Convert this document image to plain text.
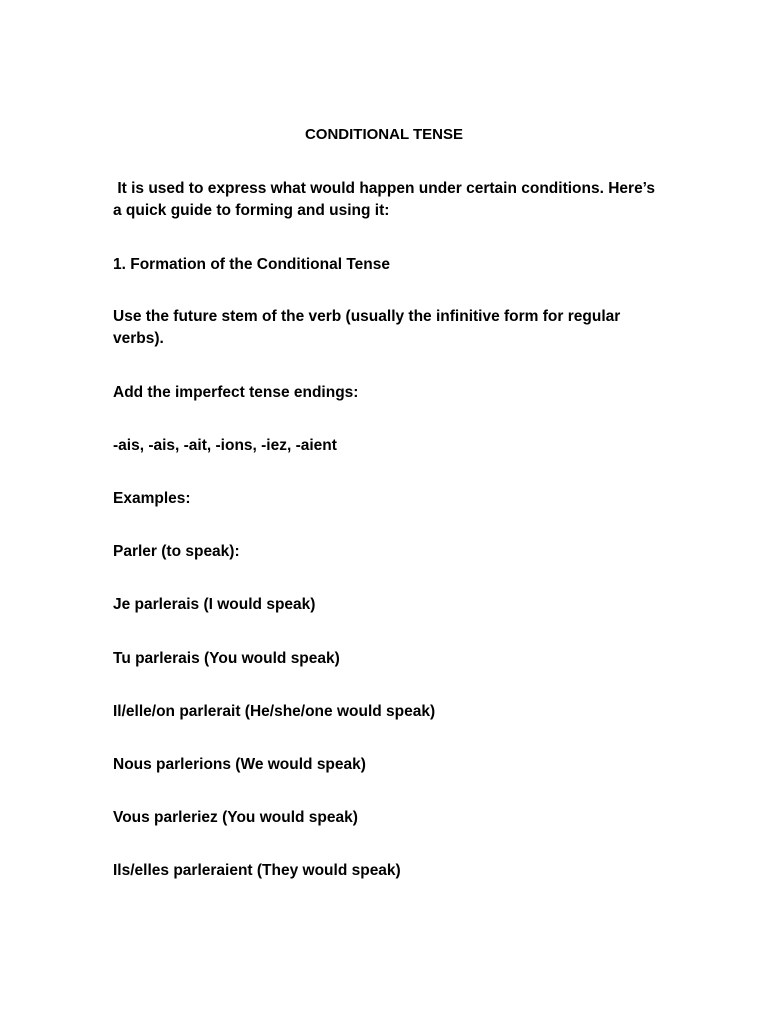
CONDITIONAL TENSE
It is used to express what would happen under certain conditions. Here’s a quick guide to forming and using it:
1. Formation of the Conditional Tense
Use the future stem of the verb (usually the infinitive form for regular verbs).
Add the imperfect tense endings:
-ais, -ais, -ait, -ions, -iez, -aient
Examples:
Parler (to speak):
Je parlerais (I would speak)
Tu parlerais (You would speak)
Il/elle/on parlerait (He/she/one would speak)
Nous parlerions (We would speak)
Vous parleriez (You would speak)
Ils/elles parleraient (They would speak)
